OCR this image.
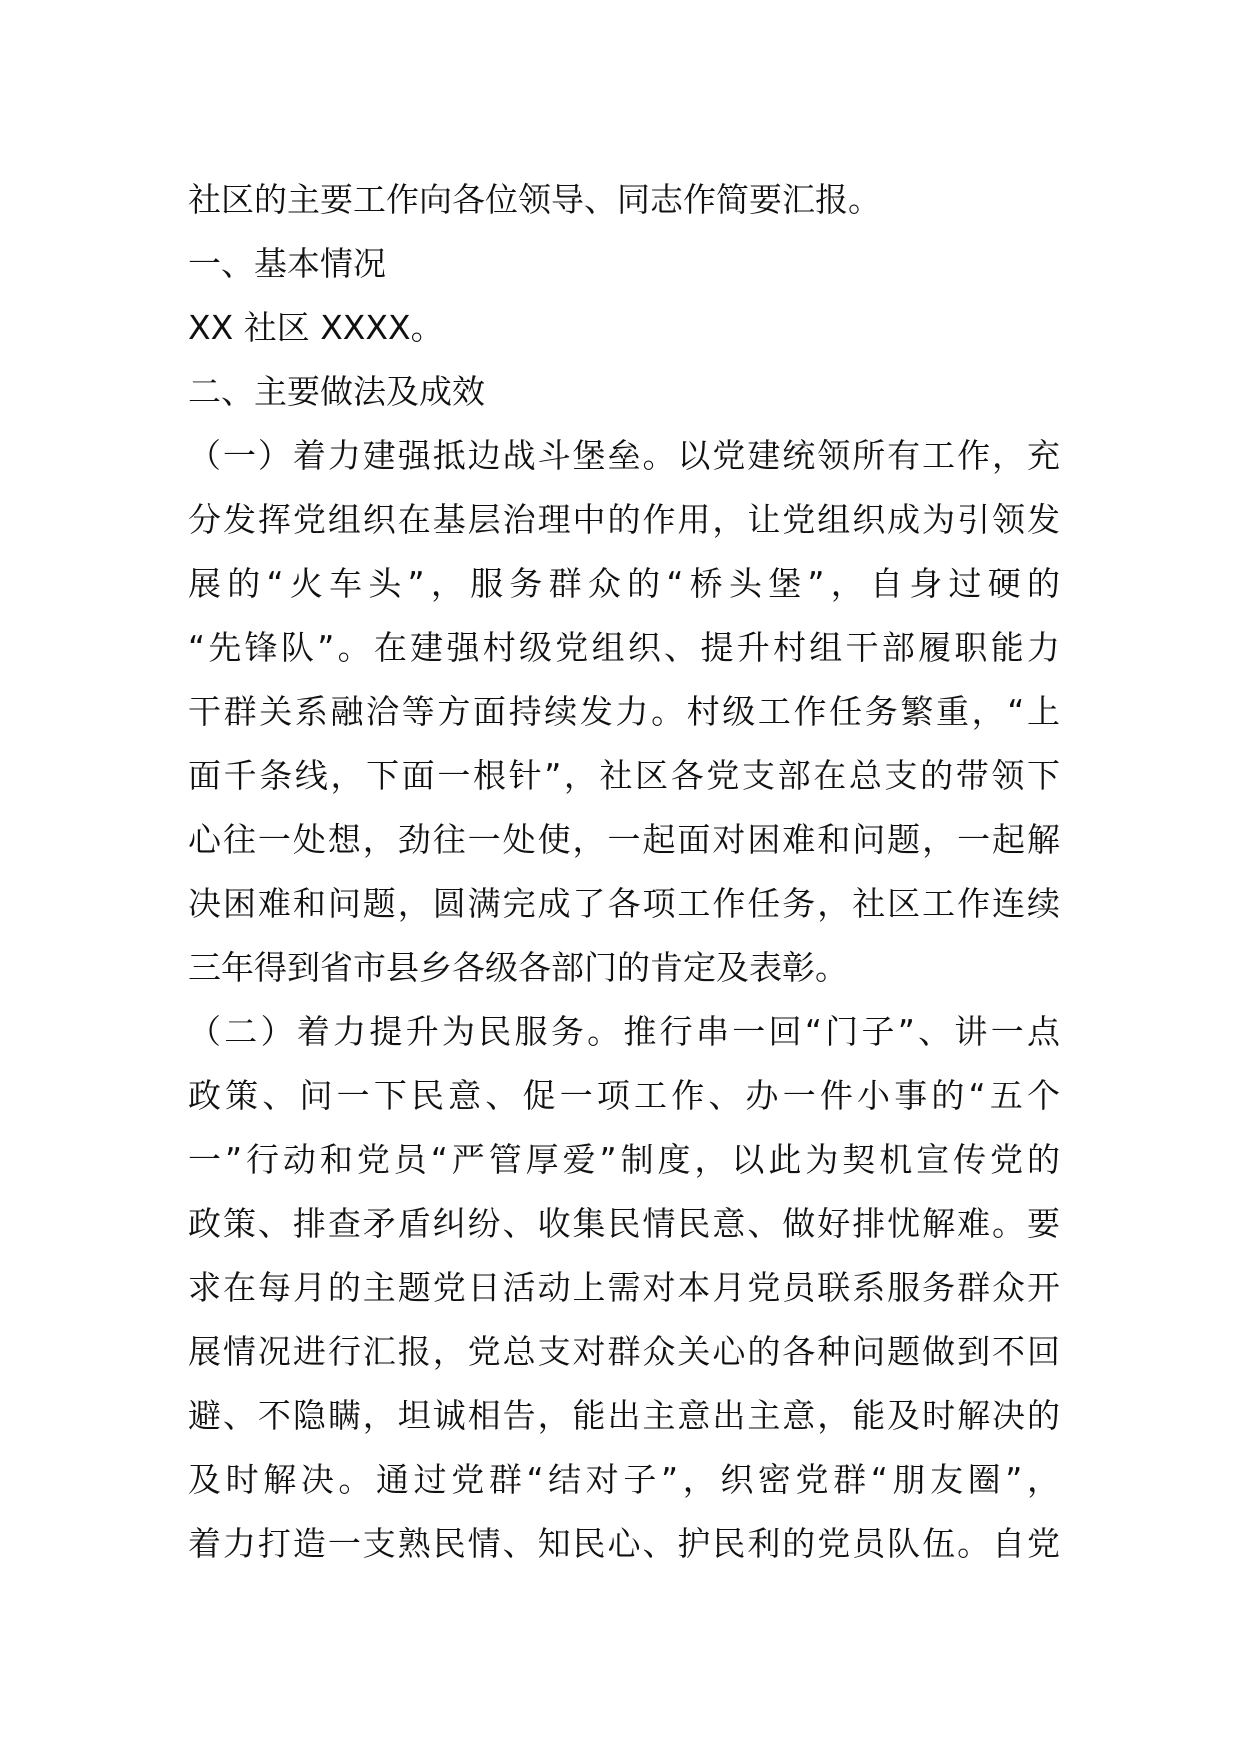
社区的主要工作向各位领导、同志作简要汇报。
一、基本情况
XX 社区 XXXX。
二、主要做法及成效
（一）着力建强抵边战斗堡垒。以党建统领所有工作，充
分发挥党组织在基层治理中的作用，让党组织成为引领发
展的“火车头”，服务群众的“桥头堡”，自身过硬的
“先锋队”。在建强村级党组织、提升村组干部履职能力
干群关系融洽等方面持续发力。村级工作任务繁重，“上
面千条线，下面一根针”，社区各党支部在总支的带领下
心往一处想，劲往一处使，一起面对困难和问题，一起解
决困难和问题，圆满完成了各项工作任务，社区工作连续
三年得到省市县乡各级各部门的肯定及表彰。
（二）着力提升为民服务。推行串一回“门子”、讲一点
政策、问一下民意、促一项工作、办一件小事的“五个
一”行动和党员“严管厚爱”制度，以此为契机宣传党的
政策、排查矛盾纠纷、收集民情民意、做好排忧解难。要
求在每月的主题党日活动上需对本月党员联系服务群众开
展情况进行汇报，党总支对群众关心的各种问题做到不回
避、不隐瞒，坦诚相告，能出主意出主意，能及时解决的
及时解决。通过党群“结对子”，织密党群“朋友圈”，
着力打造一支熟民情、知民心、护民利的党员队伍。自党
